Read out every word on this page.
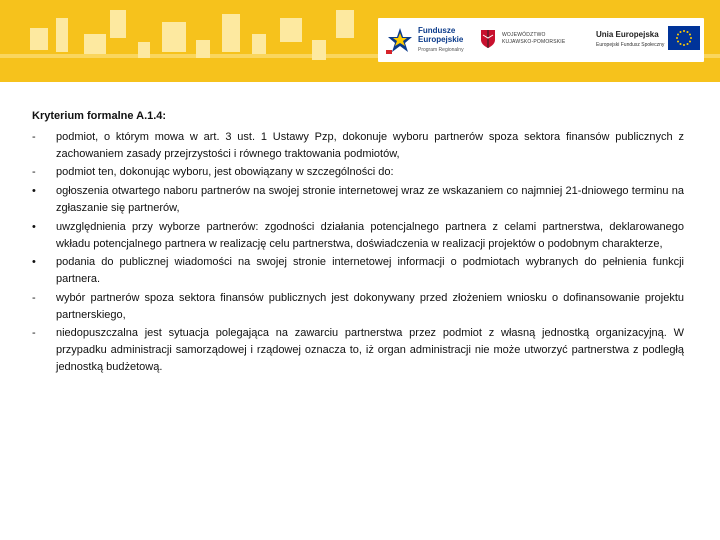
Fundusze
Europejskie
Program Regionalny
WOJEWÓDZTWO
KUJAWSKO-POMORSKIE
Unia Europejska
Europejski Fundusz Społeczny
Kryterium formalne A.1.4:
-	podmiot, o którym mowa w art. 3 ust. 1 Ustawy Pzp, dokonuje wyboru partnerów spoza sektora finansów publicznych z zachowaniem zasady przejrzystości i równego traktowania podmiotów,
-	podmiot ten, dokonując wyboru, jest obowiązany w szczególności do:
•	ogłoszenia otwartego naboru partnerów na swojej stronie internetowej wraz ze wskazaniem co najmniej 21-dniowego terminu na zgłaszanie się partnerów,
•	uwzględnienia przy wyborze partnerów: zgodności działania potencjalnego partnera z celami partnerstwa, deklarowanego wkładu potencjalnego partnera w realizację celu partnerstwa, doświadczenia w realizacji projektów o podobnym charakterze,
•	podania do publicznej wiadomości na swojej stronie internetowej informacji o podmiotach wybranych do pełnienia funkcji partnera.
-	wybór partnerów spoza sektora finansów publicznych jest dokonywany przed złożeniem wniosku o dofinansowanie projektu partnerskiego,
-	niedopuszczalna jest sytuacja polegająca na zawarciu partnerstwa przez podmiot z własną jednostką organizacyjną. W przypadku administracji samorządowej i rządowej oznacza to, iż organ administracji nie może utworzyć partnerstwa z podległą jednostką budżetową.
